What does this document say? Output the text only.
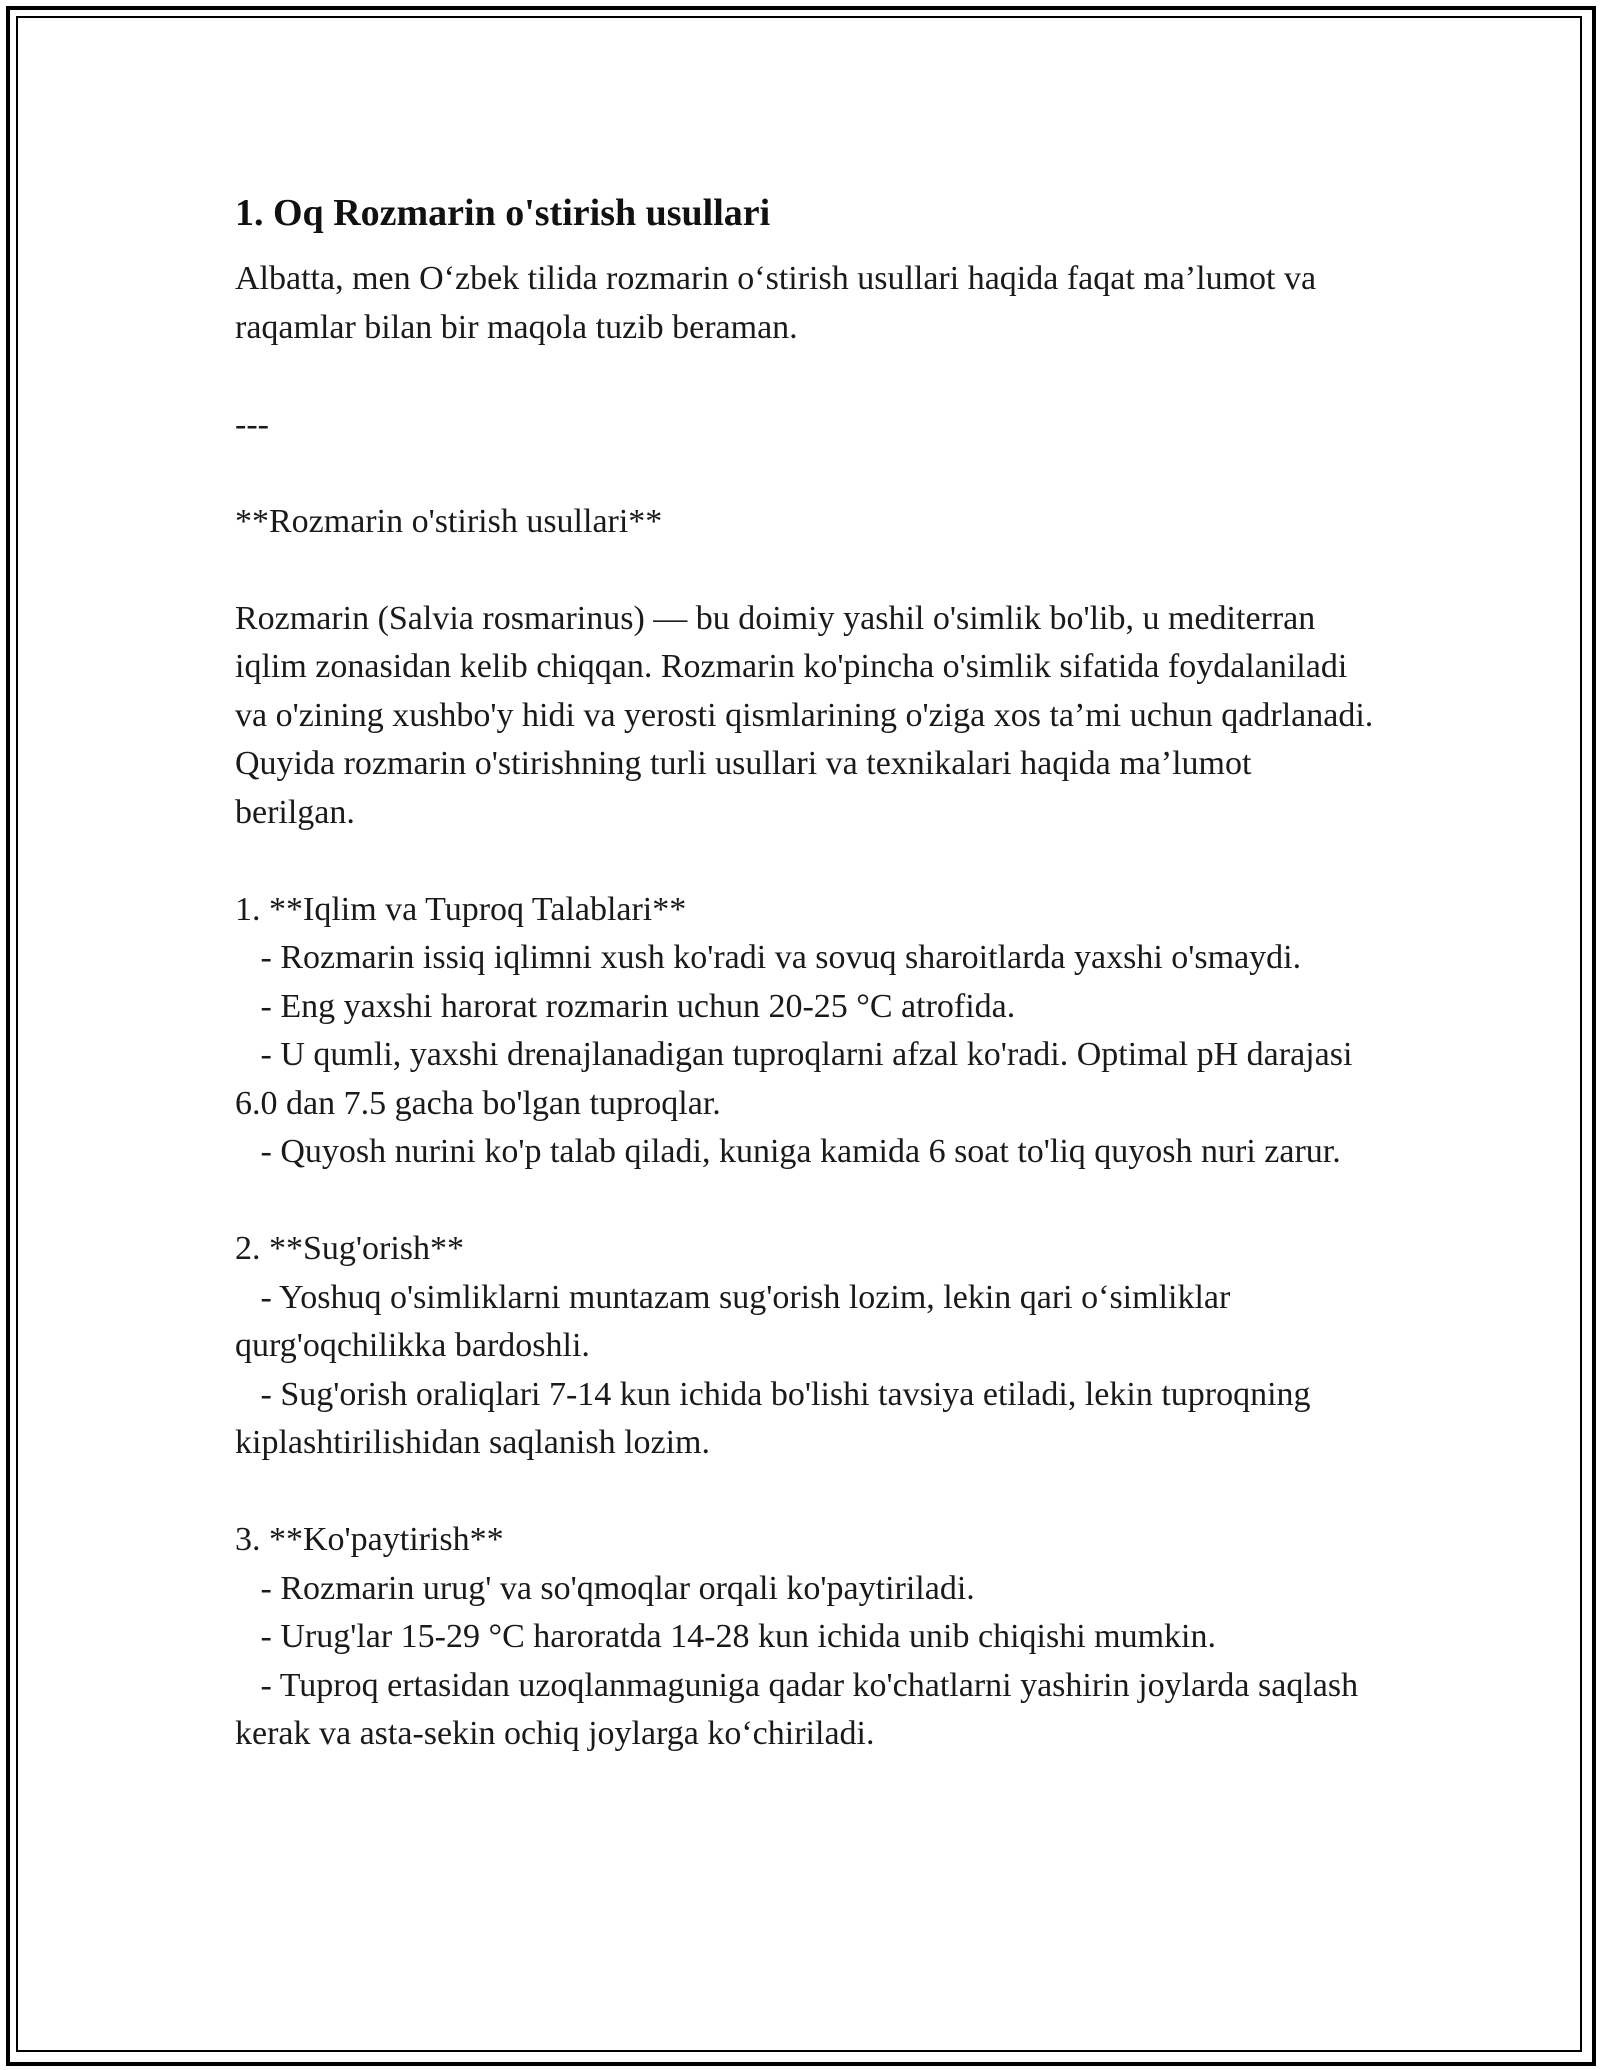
1. Oq Rozmarin o'stirish usullari

Albatta, men O‘zbek tilida rozmarin o‘stirish usullari haqida faqat ma’lumot va raqamlar bilan bir maqola tuzib beraman.

---

**Rozmarin o'stirish usullari**

Rozmarin (Salvia rosmarinus) — bu doimiy yashil o'simlik bo'lib, u mediterran iqlim zonasidan kelib chiqqan. Rozmarin ko'pincha o'simlik sifatida foydalaniladi va o'zining xushbo'y hidi va yerosti qismlarining o'ziga xos ta’mi uchun qadrlanadi. Quyida rozmarin o'stirishning turli usullari va texnikalari haqida ma’lumot berilgan.

1. **Iqlim va Tuproq Talablari**

- Rozmarin issiq iqlimni xush ko'radi va sovuq sharoitlarda yaxshi o'smaydi.

- Eng yaxshi harorat rozmarin uchun 20-25 °C atrofida.

- U qumli, yaxshi drenajlanadigan tuproqlarni afzal ko'radi. Optimal pH darajasi 6.0 dan 7.5 gacha bo'lgan tuproqlar.

- Quyosh nurini ko'p talab qiladi, kuniga kamida 6 soat to'liq quyosh nuri zarur.

2. **Sug'orish**

- Yoshuq o'simliklarni muntazam sug'orish lozim, lekin qari o‘simliklar qurg'oqchilikka bardoshli.

- Sug'orish oraliqlari 7-14 kun ichida bo'lishi tavsiya etiladi, lekin tuproqning kiplashtirilishidan saqlanish lozim.

3. **Ko'paytirish**

- Rozmarin urug' va so'qmoqlar orqali ko'paytiriladi.

- Urug'lar 15-29 °C haroratda 14-28 kun ichida unib chiqishi mumkin.

- Tuproq ertasidan uzoqlanmaguniga qadar ko'chatlarni yashirin joylarda saqlash kerak va asta-sekin ochiq joylarga ko‘chiriladi.
